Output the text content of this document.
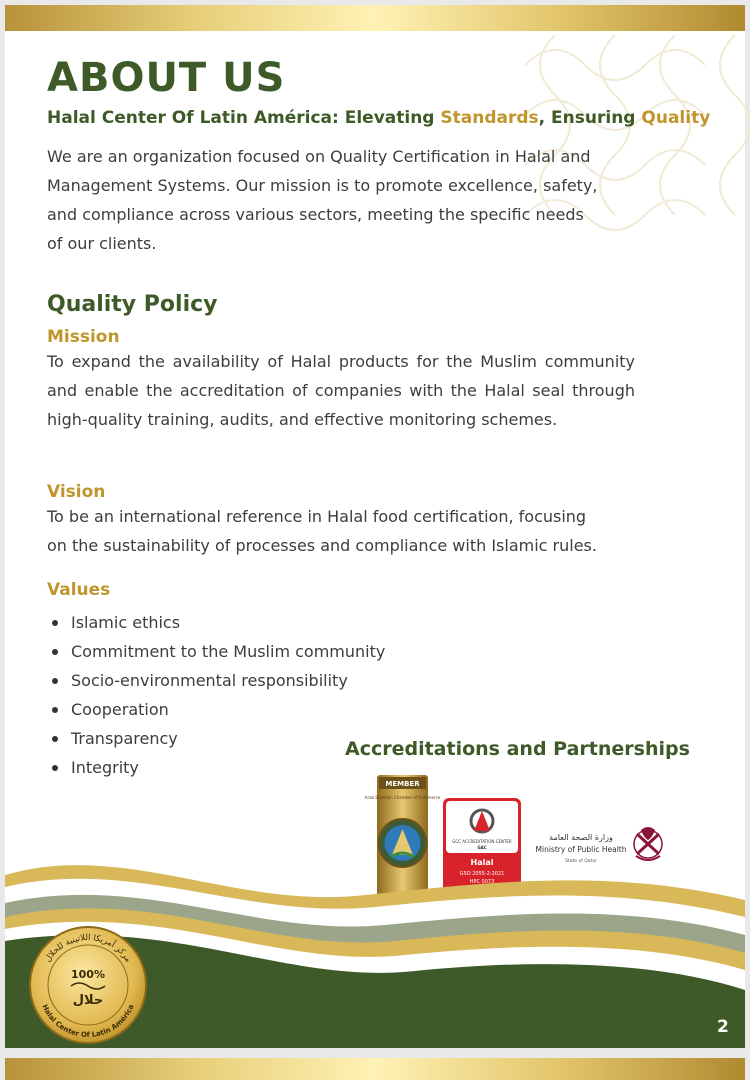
ABOUT US

Halal Center Of Latin América: Elevating Standards, Ensuring Quality

We are an organization focused on Quality Certification in Halal and
Management Systems. Our mission is to promote excellence, safety,
and compliance across various sectors, meeting the specific needs
of our clients.

Quality Policy
Mission

To expand the availability of Halal products for the Muslim community and enable the accreditation of companies with the Halal seal through high-quality training, audits, and effective monitoring schemes.

Vision

To be an international reference in Halal food certification, focusing
on the sustainability of processes and compliance with Islamic rules.

Values
Islamic ethics
Commitment to the Muslim community
Socio-environmental responsibility
Cooperation
Transparency
Integrity
Accreditations and Partnerships
MEMBER
Arab Brazilian Chamber of Commerce
GCC ACCREDITATION CENTER
GAC
Halal
GSO 2055-2:2021
HPC 0073
وزارة الصحة العامة
Ministry of Public Health
State of Qatar
مركز أمريكا اللاتينية للحلال
100%
حلال
Halal Center Of Latin América

2
